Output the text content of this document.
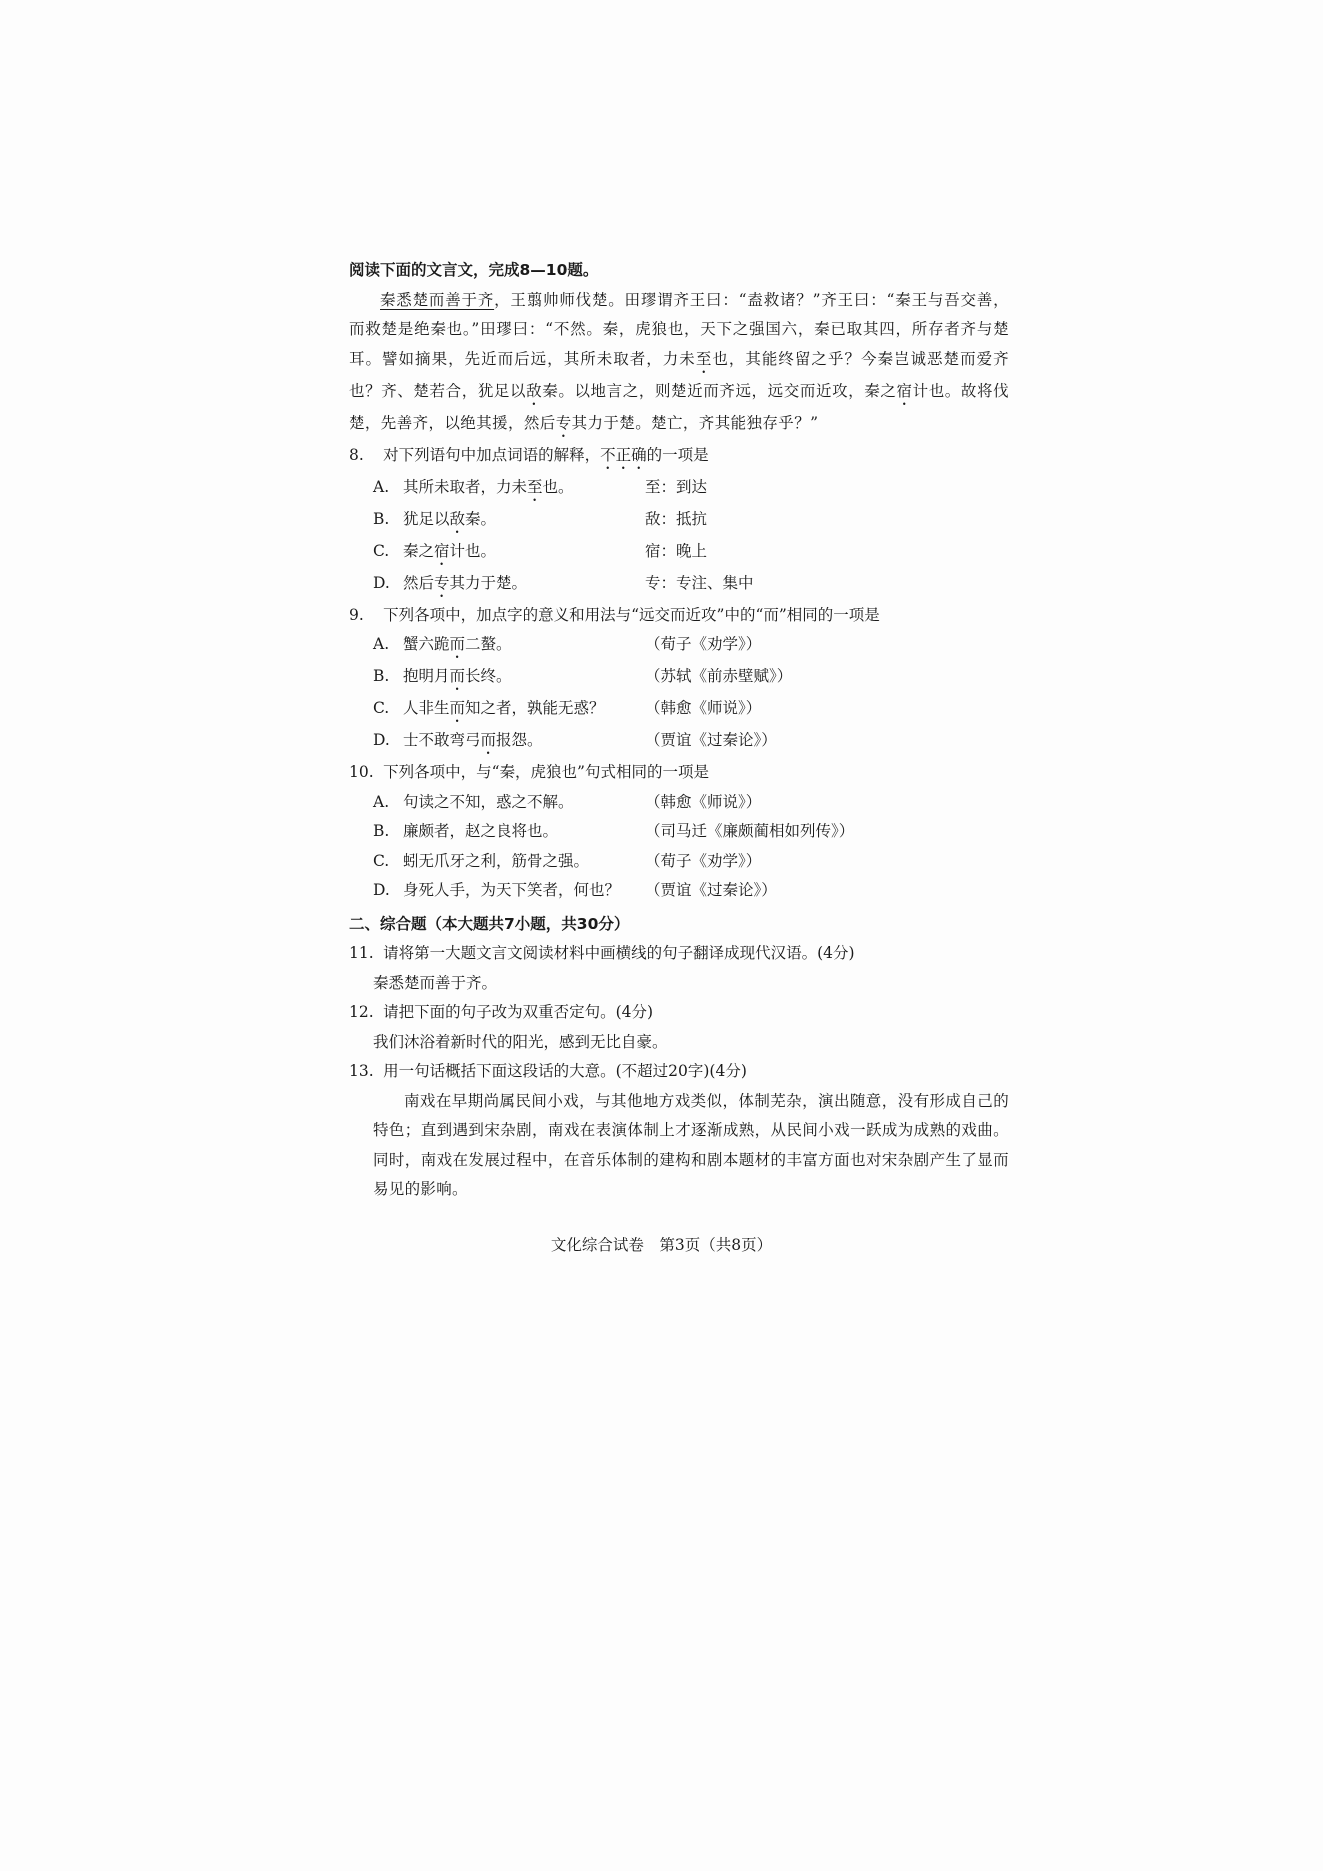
阅读下面的文言文，完成8—10题。

秦悉楚而善于齐，王翦帅师伐楚。田璆谓齐王曰：“盍救诸？”齐王曰：“秦王与吾交善，而救楚是绝秦也。”田璆曰：“不然。秦，虎狼也，天下之强国六，秦已取其四，所存者齐与楚耳。譬如摘果，先近而后远，其所未取者，力未至也，其能终留之乎？今秦岂诚恶楚而爱齐也？齐、楚若合，犹足以敌秦。以地言之，则楚近而齐远，远交而近攻，秦之宿计也。故将伐楚，先善齐，以绝其援，然后专其力于楚。楚亡，齐其能独存乎？”

8. 对下列语句中加点词语的解释，不正确的一项是

A. 其所未取者，力未至也。	至：到达
B. 犹足以敌秦。	敌：抵抗
C. 秦之宿计也。	宿：晚上
D. 然后专其力于楚。	专：专注、集中

9. 下列各项中，加点字的意义和用法与“远交而近攻”中的“而”相同的一项是

A. 蟹六跪而二螯。	（荀子《劝学》）
B. 抱明月而长终。	（苏轼《前赤壁赋》）
C. 人非生而知之者，孰能无惑？	（韩愈《师说》）
D. 士不敢弯弓而报怨。	（贾谊《过秦论》）

10. 下列各项中，与“秦，虎狼也”句式相同的一项是

A. 句读之不知，惑之不解。	（韩愈《师说》）
B. 廉颇者，赵之良将也。	（司马迁《廉颇蔺相如列传》）
C. 蚓无爪牙之利，筋骨之强。	（荀子《劝学》）
D. 身死人手，为天下笑者，何也？	（贾谊《过秦论》）

二、综合题（本大题共7小题，共30分）

11. 请将第一大题文言文阅读材料中画横线的句子翻译成现代汉语。(4分)

秦悉楚而善于齐。

12. 请把下面的句子改为双重否定句。(4分)

我们沐浴着新时代的阳光，感到无比自豪。

13. 用一句话概括下面这段话的大意。(不超过20字)(4分)

南戏在早期尚属民间小戏，与其他地方戏类似，体制芜杂，演出随意，没有形成自己的特色；直到遇到宋杂剧，南戏在表演体制上才逐渐成熟，从民间小戏一跃成为成熟的戏曲。同时，南戏在发展过程中，在音乐体制的建构和剧本题材的丰富方面也对宋杂剧产生了显而易见的影响。

文化综合试卷　第3页（共8页）
